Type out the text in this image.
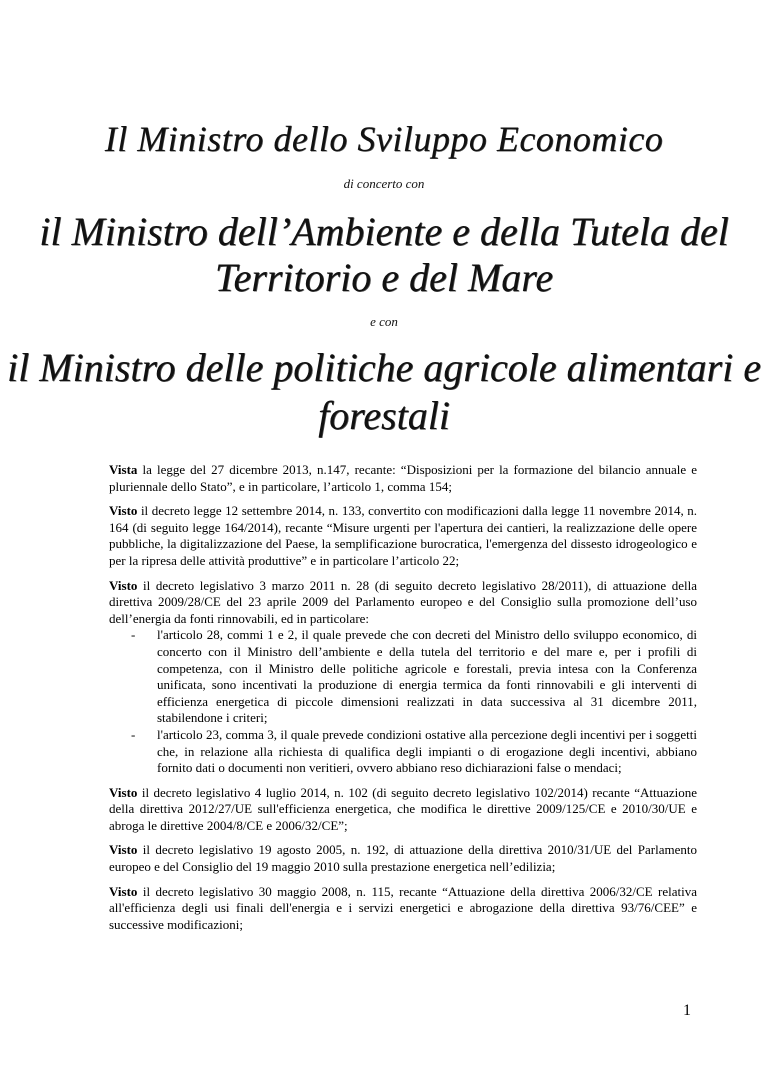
Il Ministro dello Sviluppo Economico
di concerto con
il Ministro dell’Ambiente e della Tutela del
Territorio e del Mare
e con
il Ministro delle politiche agricole alimentari e
forestali

Vista la legge del 27 dicembre 2013, n.147, recante: “Disposizioni per la formazione del bilancio annuale e pluriennale dello Stato”, e in particolare, l’articolo 1, comma 154;

Visto il decreto legge 12 settembre 2014, n. 133, convertito con modificazioni dalla legge 11 novembre 2014, n. 164 (di seguito legge 164/2014), recante “Misure urgenti per l'apertura dei cantieri, la realizzazione delle opere pubbliche, la digitalizzazione del Paese, la semplificazione burocratica, l'emergenza del dissesto idrogeologico e per la ripresa delle attività produttive” e in particolare l’articolo 22;

Visto il decreto legislativo 3 marzo 2011 n. 28 (di seguito decreto legislativo 28/2011), di attuazione della direttiva 2009/28/CE del 23 aprile 2009 del Parlamento europeo e del Consiglio sulla promozione dell’uso dell’energia da fonti rinnovabili, ed in particolare:

- l'articolo 28, commi 1 e 2, il quale prevede che con decreti del Ministro dello sviluppo economico, di concerto con il Ministro dell’ambiente e della tutela del territorio e del mare e, per i profili di competenza, con il Ministro delle politiche agricole e forestali, previa intesa con la Conferenza unificata, sono incentivati la produzione di energia termica da fonti rinnovabili e gli interventi di efficienza energetica di piccole dimensioni realizzati in data successiva al 31 dicembre 2011, stabilendone i criteri;
- l'articolo 23, comma 3, il quale prevede condizioni ostative alla percezione degli incentivi per i soggetti che, in relazione alla richiesta di qualifica degli impianti o di erogazione degli incentivi, abbiano fornito dati o documenti non veritieri, ovvero abbiano reso dichiarazioni false o mendaci;

Visto il decreto legislativo 4 luglio 2014, n. 102 (di seguito decreto legislativo 102/2014) recante “Attuazione della direttiva 2012/27/UE sull'efficienza energetica, che modifica le direttive 2009/125/CE e 2010/30/UE e abroga le direttive 2004/8/CE e 2006/32/CE”;

Visto il decreto legislativo 19 agosto 2005, n. 192, di attuazione della direttiva 2010/31/UE del Parlamento europeo e del Consiglio del 19 maggio 2010 sulla prestazione energetica nell’edilizia;

Visto il decreto legislativo 30 maggio 2008, n. 115, recante “Attuazione della direttiva 2006/32/CE relativa all'efficienza degli usi finali dell'energia e i servizi energetici e abrogazione della direttiva 93/76/CEE” e successive modificazioni;

1
